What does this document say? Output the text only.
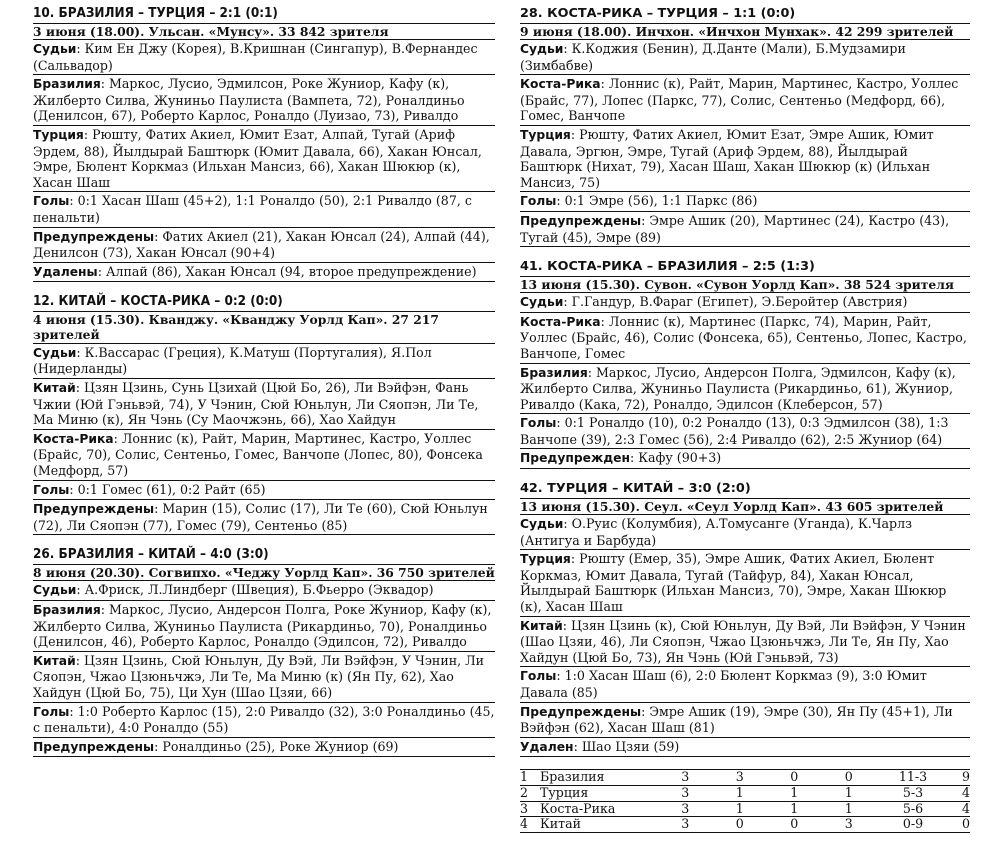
10. БРАЗИЛИЯ – ТУРЦИЯ – 2:1 (0:1)
3 июня (18.00). Ульсан. «Мунсу». 33 842 зрителя
Судьи: Ким Ен Джу (Корея), В.Кришнан (Сингапур), В.Фернандес (Сальвадор)
Бразилия: Маркос, Лусио, Эдмилсон, Роке Жуниор, Кафу (к), Жилберто Силва, Жуниньо Паулиста (Вампета, 72), Роналдиньо (Денилсон, 67), Роберто Карлос, Роналдо (Луизао, 73), Ривалдо
Турция: Рюшту, Фатих Акиел, Юмит Езат, Алпай, Тугай (Ариф Эрдем, 88), Йылдырай Баштюрк (Юмит Давала, 66), Хакан Юнсал, Эмре, Бюлент Коркмаз (Ильхан Мансиз, 66), Хакан Шюкюр (к), Хасан Шаш
Голы: 0:1 Хасан Шаш (45+2), 1:1 Роналдо (50), 2:1 Ривалдо (87, с пенальти)
Предупреждены: Фатих Акиел (21), Хакан Юнсал (24), Алпай (44), Денилсон (73), Хакан Юнсал (90+4)
Удалены: Алпай (86), Хакан Юнсал (94, второе предупреждение)
12. КИТАЙ – КОСТА-РИКА – 0:2 (0:0)
4 июня (15.30). Кванджу. «Кванджу Уорлд Кап». 27 217 зрителей
Судьи: К.Вассарас (Греция), К.Матуш (Португалия), Я.Пол (Нидерланды)
Китай: Цзян Цзинь, Сунь Цзихай (Цюй Бо, 26), Ли Вэйфэн, Фань Чжии (Юй Гэньвэй, 74), У Чэнин, Сюй Юньлун, Ли Сяопэн, Ли Те, Ма Миню (к), Ян Чэнь (Су Маочжэнь, 66), Хао Хайдун
Коста-Рика: Лоннис (к), Райт, Марин, Мартинес, Кастро, Уоллес (Брайс, 70), Солис, Сентеньо, Гомес, Ванчопе (Лопес, 80), Фонсека (Медфорд, 57)
Голы: 0:1 Гомес (61), 0:2 Райт (65)
Предупреждены: Марин (15), Солис (17), Ли Те (60), Сюй Юньлун (72), Ли Сяопэн (77), Гомес (79), Сентеньо (85)
26. БРАЗИЛИЯ – КИТАЙ – 4:0 (3:0)
8 июня (20.30). Согвипхо. «Чеджу Уорлд Кап». 36 750 зрителей
Судьи: А.Фриск, Л.Линдберг (Швеция), Б.Фьерро (Эквадор)
Бразилия: Маркос, Лусио, Андерсон Полга, Роке Жуниор, Кафу (к), Жилберто Силва, Жуниньо Паулиста (Рикардиньо, 70), Роналдиньо (Денилсон, 46), Роберто Карлос, Роналдо (Эдилсон, 72), Ривалдо
Китай: Цзян Цзинь, Сюй Юньлун, Ду Вэй, Ли Вэйфэн, У Чэнин, Ли Сяопэн, Чжао Цзюньчжэ, Ли Те, Ма Миню (к) (Ян Пу, 62), Хао Хайдун (Цюй Бо, 75), Ци Хун (Шао Цзяи, 66)
Голы: 1:0 Роберто Карлос (15), 2:0 Ривалдо (32), 3:0 Роналдиньо (45, с пенальти), 4:0 Роналдо (55)
Предупреждены: Роналдиньо (25), Роке Жуниор (69)
28. КОСТА-РИКА – ТУРЦИЯ – 1:1 (0:0)
9 июня (18.00). Инчхон. «Инчхон Мунхак». 42 299 зрителей
Судьи: К.Коджия (Бенин), Д.Данте (Мали), Б.Мудзамири (Зимбабве)
Коста-Рика: Лоннис (к), Райт, Марин, Мартинес, Кастро, Уоллес (Брайс, 77), Лопес (Паркс, 77), Солис, Сентеньо (Медфорд, 66), Гомес, Ванчопе
Турция: Рюшту, Фатих Акиел, Юмит Езат, Эмре Ашик, Юмит Давала, Эргюн, Эмре, Тугай (Ариф Эрдем, 88), Йылдырай Баштюрк (Нихат, 79), Хасан Шаш, Хакан Шюкюр (к) (Ильхан Мансиз, 75)
Голы: 0:1 Эмре (56), 1:1 Паркс (86)
Предупреждены: Эмре Ашик (20), Мартинес (24), Кастро (43), Тугай (45), Эмре (89)
41. КОСТА-РИКА – БРАЗИЛИЯ – 2:5 (1:3)
13 июня (15.30). Сувон. «Сувон Уорлд Кап». 38 524 зрителя
Судьи: Г.Гандур, В.Фараг (Египет), Э.Беройтер (Австрия)
Коста-Рика: Лоннис (к), Мартинес (Паркс, 74), Марин, Райт, Уоллес (Брайс, 46), Солис (Фонсека, 65), Сентеньо, Лопес, Кастро, Ванчопе, Гомес
Бразилия: Маркос, Лусио, Андерсон Полга, Эдмилсон, Кафу (к), Жилберто Силва, Жуниньо Паулиста (Рикардиньо, 61), Жуниор, Ривалдо (Кака, 72), Роналдо, Эдилсон (Клеберсон, 57)
Голы: 0:1 Роналдо (10), 0:2 Роналдо (13), 0:3 Эдмилсон (38), 1:3 Ванчопе (39), 2:3 Гомес (56), 2:4 Ривалдо (62), 2:5 Жуниор (64)
Предупрежден: Кафу (90+3)
42. ТУРЦИЯ – КИТАЙ – 3:0 (2:0)
13 июня (15.30). Сеул. «Сеул Уорлд Кап». 43 605 зрителей
Судьи: О.Руис (Колумбия), А.Томусанге (Уганда), К.Чарлз (Антигуа и Барбуда)
Турция: Рюшту (Емер, 35), Эмре Ашик, Фатих Акиел, Бюлент Коркмаз, Юмит Давала, Тугай (Тайфур, 84), Хакан Юнсал, Йылдырай Баштюрк (Ильхан Мансиз, 70), Эмре, Хакан Шюкюр (к), Хасан Шаш
Китай: Цзян Цзинь (к), Сюй Юньлун, Ду Вэй, Ли Вэйфэн, У Чэнин (Шао Цзяи, 46), Ли Сяопэн, Чжао Цзюньчжэ, Ли Те, Ян Пу, Хао Хайдун (Цюй Бо, 73), Ян Чэнь (Юй Гэньвэй, 73)
Голы: 1:0 Хасан Шаш (6), 2:0 Бюлент Коркмаз (9), 3:0 Юмит Давала (85)
Предупреждены: Эмре Ашик (19), Эмре (30), Ян Пу (45+1), Ли Вэйфэн (62), Хасан Шаш (81)
Удален: Шао Цзяи (59)
1	Бразилия	3	3	0	0	11-3	9
2	Турция	3	1	1	1	5-3	4
3	Коста-Рика	3	1	1	1	5-6	4
4	Китай	3	0	0	3	0-9	0
